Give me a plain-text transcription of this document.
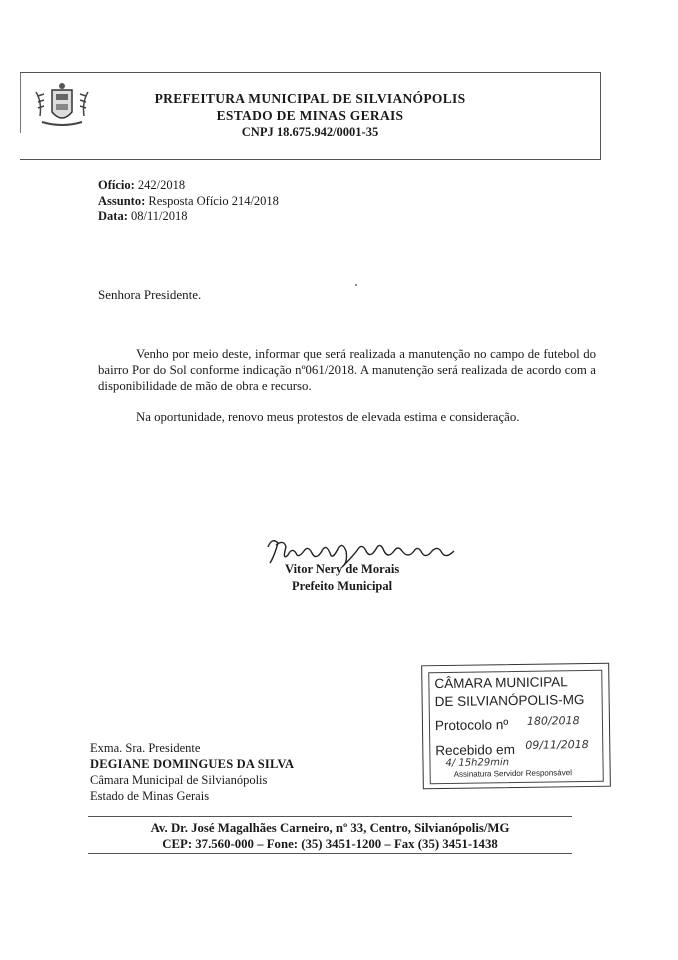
PREFEITURA MUNICIPAL DE SILVIANÓPOLIS
ESTADO DE MINAS GERAIS
CNPJ 18.675.942/0001-35
Ofício: 242/2018
Assunto: Resposta Ofício 214/2018
Data: 08/11/2018
Senhora Presidente.
Venho por meio deste, informar que será realizada a manutenção no campo de futebol do bairro Por do Sol conforme indicação nº061/2018. A manutenção será realizada de acordo com a disponibilidade de mão de obra e recurso.
Na oportunidade, renovo meus protestos de elevada estima e consideração.
Vitor Nery de Morais
Prefeito Municipal
CÂMARA MUNICIPAL
DE SILVIANÓPOLIS-MG
Protocolo nº 180/2018
Recebido em 09/11/2018
4/ 15h29min
Assinatura Servidor Responsável
Exma. Sra. Presidente
DEGIANE DOMINGUES DA SILVA
Câmara Municipal de Silvianópolis
Estado de Minas Gerais
Av. Dr. José Magalhães Carneiro, nº 33, Centro, Silvianópolis/MG
CEP: 37.560-000 – Fone: (35) 3451-1200 – Fax (35) 3451-1438
